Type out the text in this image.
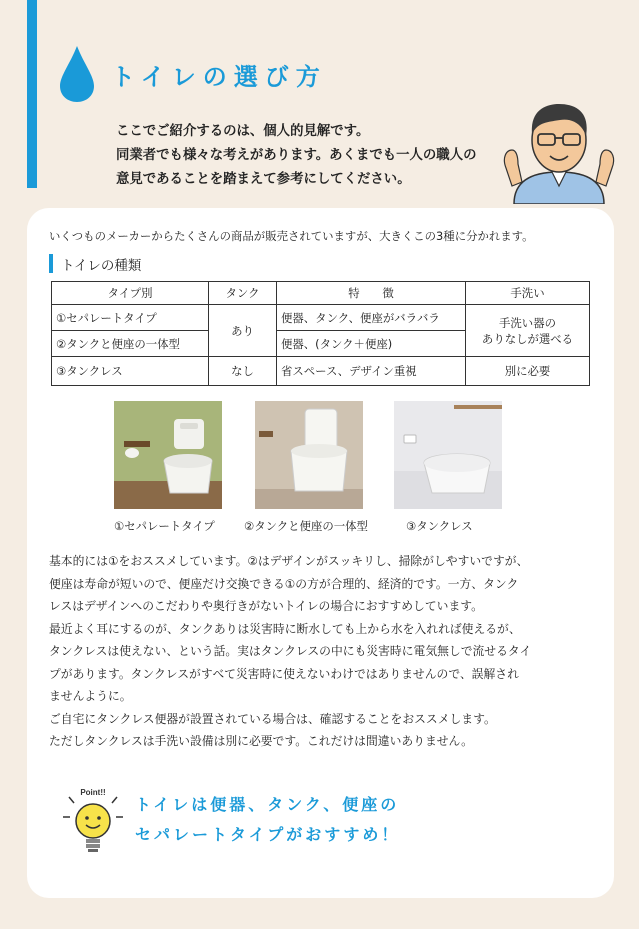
トイレの選び方
ここでご紹介するのは、個人的見解です。
同業者でも様々な考えがあります。あくまでも一人の職人の
意見であることを踏まえて参考にしてください。
いくつものメーカーからたくさんの商品が販売されていますが、大きくこの3種に分かれます。
トイレの種類
タイプ別	タンク	特　　徴	手洗い
①セパレートタイプ	あり	便器、タンク、便座がバラバラ	手洗い器の
ありなしが選べる

②タンクと便座の一体型		便器、(タンク＋便座)	
③タンクレス	なし	省スペース、デザイン重視	別に必要
①セパレートタイプ	②タンクと便座の一体型	③タンクレス
基本的には①をおススメしています。②はデザインがスッキリし、掃除がしやすいですが、
便座は寿命が短いので、便座だけ交換できる①の方が合理的、経済的です。一方、タンク
レスはデザインへのこだわりや奥行きがないトイレの場合におすすめしています。
最近よく耳にするのが、タンクありは災害時に断水しても上から水を入れれば使えるが、
タンクレスは使えない、という話。実はタンクレスの中にも災害時に電気無しで流せるタイ
プがあります。タンクレスがすべて災害時に使えないわけではありませんので、誤解され
ませんように。
ご自宅にタンクレス便器が設置されている場合は、確認することをおススメします。
ただしタンクレスは手洗い設備は別に必要です。これだけは間違いありません。
Point!!
トイレは便器、タンク、便座の
セパレートタイプがおすすめ！
